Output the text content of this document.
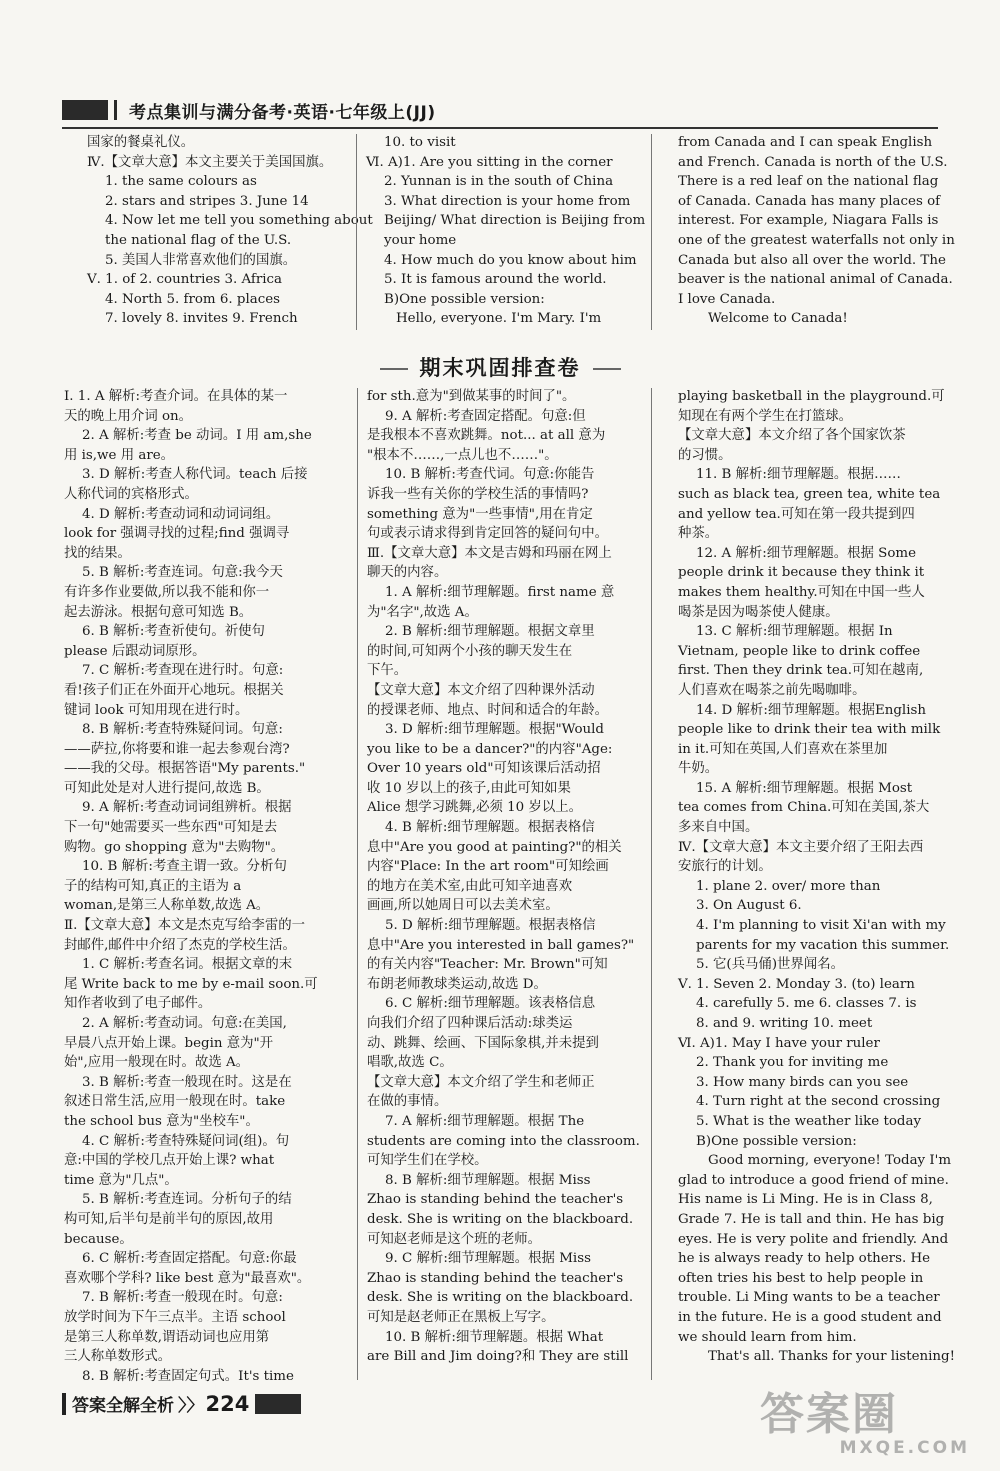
考点集训与满分备考·英语·七年级上(JJ)

国家的餐桌礼仪。

Ⅳ.【文章大意】本文主要关于美国国旗。

1. the same colours as

2. stars and stripes 3. June 14

4. Now let me tell you something about

the national flag of the U.S.

5. 美国人非常喜欢他们的国旗。

Ⅴ. 1. of 2. countries 3. Africa

4. North 5. from 6. places

7. lovely 8. invites 9. French

10. to visit

Ⅵ. A)1. Are you sitting in the corner

2. Yunnan is in the south of China

3. What direction is your home from

Beijing/ What direction is Beijing from

your home

4. How much do you know about him

5. It is famous around the world.

B)One possible version:

Hello, everyone. I'm Mary. I'm

from Canada and I can speak English

and French. Canada is north of the U.S.

There is a red leaf on the national flag

of Canada. Canada has many places of

interest. For example, Niagara Falls is

one of the greatest waterfalls not only in

Canada but also all over the world. The

beaver is the national animal of Canada.

I love Canada.

Welcome to Canada!

期末巩固排查卷

Ⅰ. 1. A 解析:考查介词。在具体的某一

天的晚上用介词 on。

2. A 解析:考查 be 动词。I 用 am,she

用 is,we 用 are。

3. D 解析:考查人称代词。teach 后接

人称代词的宾格形式。

4. D 解析:考查动词和动词词组。

look for 强调寻找的过程;find 强调寻

找的结果。

5. B 解析:考查连词。句意:我今天

有许多作业要做,所以我不能和你一

起去游泳。根据句意可知选 B。

6. B 解析:考查祈使句。祈使句

please 后跟动词原形。

7. C 解析:考查现在进行时。句意:

看!孩子们正在外面开心地玩。根据关

键词 look 可知用现在进行时。

8. B 解析:考查特殊疑问词。句意:

——萨拉,你将要和谁一起去参观台湾?

——我的父母。根据答语"My parents."

可知此处是对人进行提问,故选 B。

9. A 解析:考查动词词组辨析。根据

下一句"她需要买一些东西"可知是去

购物。go shopping 意为"去购物"。

10. B 解析:考查主谓一致。分析句

子的结构可知,真正的主语为 a

woman,是第三人称单数,故选 A。

Ⅱ.【文章大意】本文是杰克写给李雷的一

封邮件,邮件中介绍了杰克的学校生活。

1. C 解析:考查名词。根据文章的末

尾 Write back to me by e-mail soon.可

知作者收到了电子邮件。

2. A 解析:考查动词。句意:在美国,

早晨八点开始上课。begin 意为"开

始",应用一般现在时。故选 A。

3. B 解析:考查一般现在时。这是在

叙述日常生活,应用一般现在时。take

the school bus 意为"坐校车"。

4. C 解析:考查特殊疑问词(组)。句

意:中国的学校几点开始上课? what

time 意为"几点"。

5. B 解析:考查连词。分析句子的结

构可知,后半句是前半句的原因,故用

because。

6. C 解析:考查固定搭配。句意:你最

喜欢哪个学科? like best 意为"最喜欢"。

7. B 解析:考查一般现在时。句意:

放学时间为下午三点半。主语 school

是第三人称单数,谓语动词也应用第

三人称单数形式。

8. B 解析:考查固定句式。It's time

for sth.意为"到做某事的时间了"。

9. A 解析:考查固定搭配。句意:但

是我根本不喜欢跳舞。not... at all 意为

"根本不……,一点儿也不……"。

10. B 解析:考查代词。句意:你能告

诉我一些有关你的学校生活的事情吗?

something 意为"一些事情",用在肯定

句或表示请求得到肯定回答的疑问句中。

Ⅲ.【文章大意】本文是吉姆和玛丽在网上

聊天的内容。

1. A 解析:细节理解题。first name 意

为"名字",故选 A。

2. B 解析:细节理解题。根据文章里

的时间,可知两个小孩的聊天发生在

下午。

【文章大意】本文介绍了四种课外活动

的授课老师、地点、时间和适合的年龄。

3. D 解析:细节理解题。根据"Would

you like to be a dancer?"的内容"Age:

Over 10 years old"可知该课后活动招

收 10 岁以上的孩子,由此可知如果

Alice 想学习跳舞,必须 10 岁以上。

4. B 解析:细节理解题。根据表格信

息中"Are you good at painting?"的相关

内容"Place: In the art room"可知绘画

的地方在美术室,由此可知辛迪喜欢

画画,所以她周日可以去美术室。

5. D 解析:细节理解题。根据表格信

息中"Are you interested in ball games?"

的有关内容"Teacher: Mr. Brown"可知

布朗老师教球类运动,故选 D。

6. C 解析:细节理解题。该表格信息

向我们介绍了四种课后活动:球类运

动、跳舞、绘画、下国际象棋,并未提到

唱歌,故选 C。

【文章大意】本文介绍了学生和老师正

在做的事情。

7. A 解析:细节理解题。根据 The

students are coming into the classroom.

可知学生们在学校。

8. B 解析:细节理解题。根据 Miss

Zhao is standing behind the teacher's

desk. She is writing on the blackboard.

可知赵老师是这个班的老师。

9. C 解析:细节理解题。根据 Miss

Zhao is standing behind the teacher's

desk. She is writing on the blackboard.

可知是赵老师正在黑板上写字。

10. B 解析:细节理解题。根据 What

are Bill and Jim doing?和 They are still

playing basketball in the playground.可

知现在有两个学生在打篮球。

【文章大意】本文介绍了各个国家饮茶

的习惯。

11. B 解析:细节理解题。根据……

such as black tea, green tea, white tea

and yellow tea.可知在第一段共提到四

种茶。

12. A 解析:细节理解题。根据 Some

people drink it because they think it

makes them healthy.可知在中国一些人

喝茶是因为喝茶使人健康。

13. C 解析:细节理解题。根据 In

Vietnam, people like to drink coffee

first. Then they drink tea.可知在越南,

人们喜欢在喝茶之前先喝咖啡。

14. D 解析:细节理解题。根据English

people like to drink their tea with milk

in it.可知在英国,人们喜欢在茶里加

牛奶。

15. A 解析:细节理解题。根据 Most

tea comes from China.可知在美国,茶大

多来自中国。

Ⅳ.【文章大意】本文主要介绍了王阳去西

安旅行的计划。

1. plane 2. over/ more than

3. On August 6.

4. I'm planning to visit Xi'an with my

parents for my vacation this summer.

5. 它(兵马俑)世界闻名。

Ⅴ. 1. Seven 2. Monday 3. (to) learn

4. carefully 5. me 6. classes 7. is

8. and 9. writing 10. meet

Ⅵ. A)1. May I have your ruler

2. Thank you for inviting me

3. How many birds can you see

4. Turn right at the second crossing

5. What is the weather like today

B)One possible version:

Good morning, everyone! Today I'm

glad to introduce a good friend of mine.

His name is Li Ming. He is in Class 8,

Grade 7. He is tall and thin. He has big

eyes. He is very polite and friendly. And

he is always ready to help others. He

often tries his best to help people in

trouble. Li Ming wants to be a teacher

in the future. He is a good student and

we should learn from him.

That's all. Thanks for your listening!

答案全解全析 〉〉 224	答案圈
MXQE.COM
